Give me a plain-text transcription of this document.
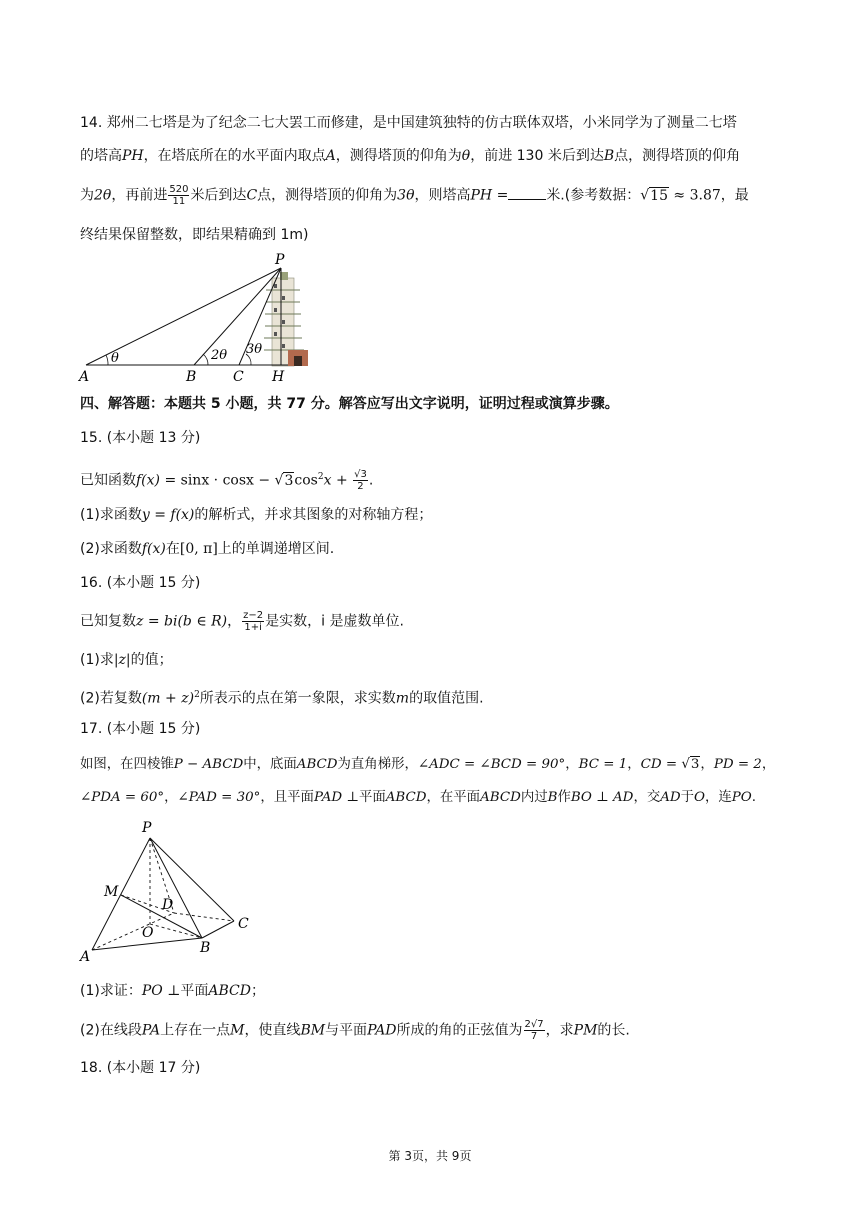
14. 郑州二七塔是为了纪念二七大罢工而修建，是中国建筑独特的仿古联体双塔，小米同学为了测量二七塔
的塔高PH，在塔底所在的水平面内取点A，测得塔顶的仰角为θ，前进 130 米后到达B点，测得塔顶的仰角
为2θ，再前进 $\frac{520}{11}$ 米后到达C点，测得塔顶的仰角为3θ，则塔高PH =	米.(参考数据：√15 ≈ 3.87，最
终结果保留整数，即结果精确到 1m)
P
A	B	C H
θ	2θ 3θ
四、解答题：本题共 5 小题，共 77 分。解答应写出文字说明，证明过程或演算步骤。
15. (本小题 13 分)
已知函数$f(x) = \sin x \cdot \cos x - √3\cos^2x + \frac{√3}{2}$ .
(1)求函数y = f(x)的解析式，并求其图象的对称轴方程；
(2)求函数f(x)在[0, π]上的单调递增区间.
16. (本小题 15 分)
已知复数z = bi(b ∈ R)， $\frac{z-2}{1+i}$ 是实数，i 是虚数单位.
(1)求|z|的值；
(2)若复数$(m + z)^2$所表示的点在第一象限，求实数m的取值范围.
17. (本小题 15 分)
如图，在四棱锥P − ABCD中，底面ABCD为直角梯形，∠ADC = ∠BCD = 90°，BC = 1，CD = √3，PD = 2，
∠PDA = 60°，∠PAD = 30°，且平面PAD ⊥平面ABCD，在平面ABCD内过B作BO ⊥ AD，交AD于O，连PO.
P
M
D
O
A
B
C
(1)求证：PO ⊥平面ABCD；
(2)在线段PA上存在一点M，使直线BM与平面PAD所成的角的正弦值为 $\frac{2√7}{7}$ ，求PM的长.
18. (本小题 17 分)
第 3页，共 9页
